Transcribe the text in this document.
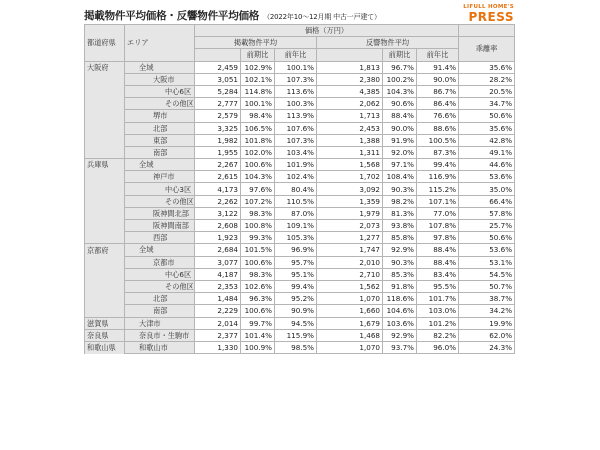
掲載物件平均価格・反響物件平均価格 （2022年10～12月期 中古一戸建て）
LIFULL HOME'S
PRESS
都道府県	エリア	価格（万円）						
		掲載物件平均			反響物件平均			乖離率
			前期比	前年比		前期比	前年比	
大阪府	全域	2,459	102.9%	100.1%	1,813	96.7%	91.4%	35.6%
	大阪市	3,051	102.1%	107.3%	2,380	100.2%	90.0%	28.2%
	中心6区	5,284	114.8%	113.6%	4,385	104.3%	86.7%	20.5%
	その他区	2,777	100.1%	100.3%	2,062	90.6%	86.4%	34.7%
	堺市	2,579	98.4%	113.9%	1,713	88.4%	76.6%	50.6%
	北部	3,325	106.5%	107.6%	2,453	90.0%	88.6%	35.6%
	東部	1,982	101.8%	107.3%	1,388	91.9%	100.5%	42.8%
	南部	1,955	102.0%	103.4%	1,311	92.0%	87.3%	49.1%
兵庫県	全域	2,267	100.6%	101.9%	1,568	97.1%	99.4%	44.6%
	神戸市	2,615	104.3%	102.4%	1,702	108.4%	116.9%	53.6%
	中心3区	4,173	97.6%	80.4%	3,092	90.3%	115.2%	35.0%
	その他区	2,262	107.2%	110.5%	1,359	98.2%	107.1%	66.4%
	阪神間北部	3,122	98.3%	87.0%	1,979	81.3%	77.0%	57.8%
	阪神間南部	2,608	100.8%	109.1%	2,073	93.8%	107.8%	25.7%
	西部	1,923	99.3%	105.3%	1,277	85.8%	97.8%	50.6%
京都府	全域	2,684	101.5%	96.9%	1,747	92.9%	88.4%	53.6%
	京都市	3,077	100.6%	95.7%	2,010	90.3%	88.4%	53.1%
	中心6区	4,187	98.3%	95.1%	2,710	85.3%	83.4%	54.5%
	その他区	2,353	102.6%	99.4%	1,562	91.8%	95.5%	50.7%
	北部	1,484	96.3%	95.2%	1,070	118.6%	101.7%	38.7%
	南部	2,229	100.6%	90.9%	1,660	104.6%	103.0%	34.2%
滋賀県	大津市	2,014	99.7%	94.5%	1,679	103.6%	101.2%	19.9%
奈良県	奈良市・生駒市	2,377	101.4%	115.9%	1,468	92.9%	82.2%	62.0%
和歌山県	和歌山市	1,330	100.9%	98.5%	1,070	93.7%	96.0%	24.3%
